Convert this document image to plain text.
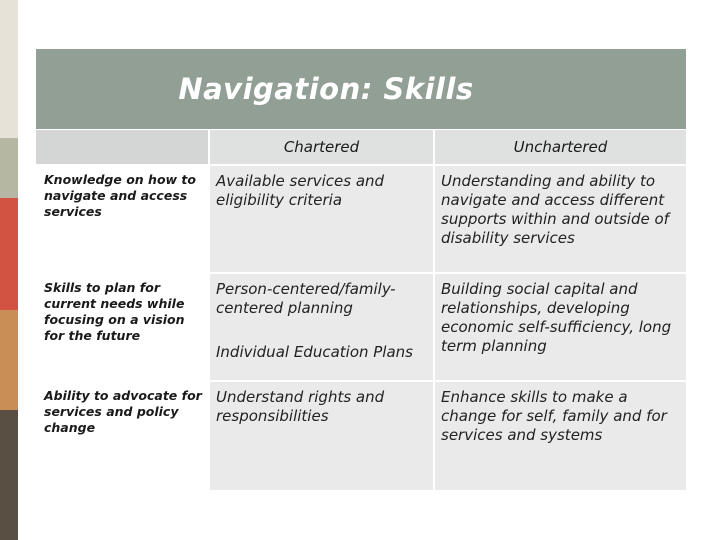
Navigation: Skills
Chartered	Unchartered
Knowledge on how to navigate and access services
Available services and eligibility criteria
Understanding and ability to navigate and access different supports within and outside of disability services
Skills to plan for current needs while focusing on a vision for the future
Person-centered/family-centered planning
Individual Education Plans
Building social capital and relationships, developing economic self-sufficiency, long term planning
Ability to advocate for services and policy change
Understand rights and responsibilities
Enhance skills to make a change for self, family and for services and systems
